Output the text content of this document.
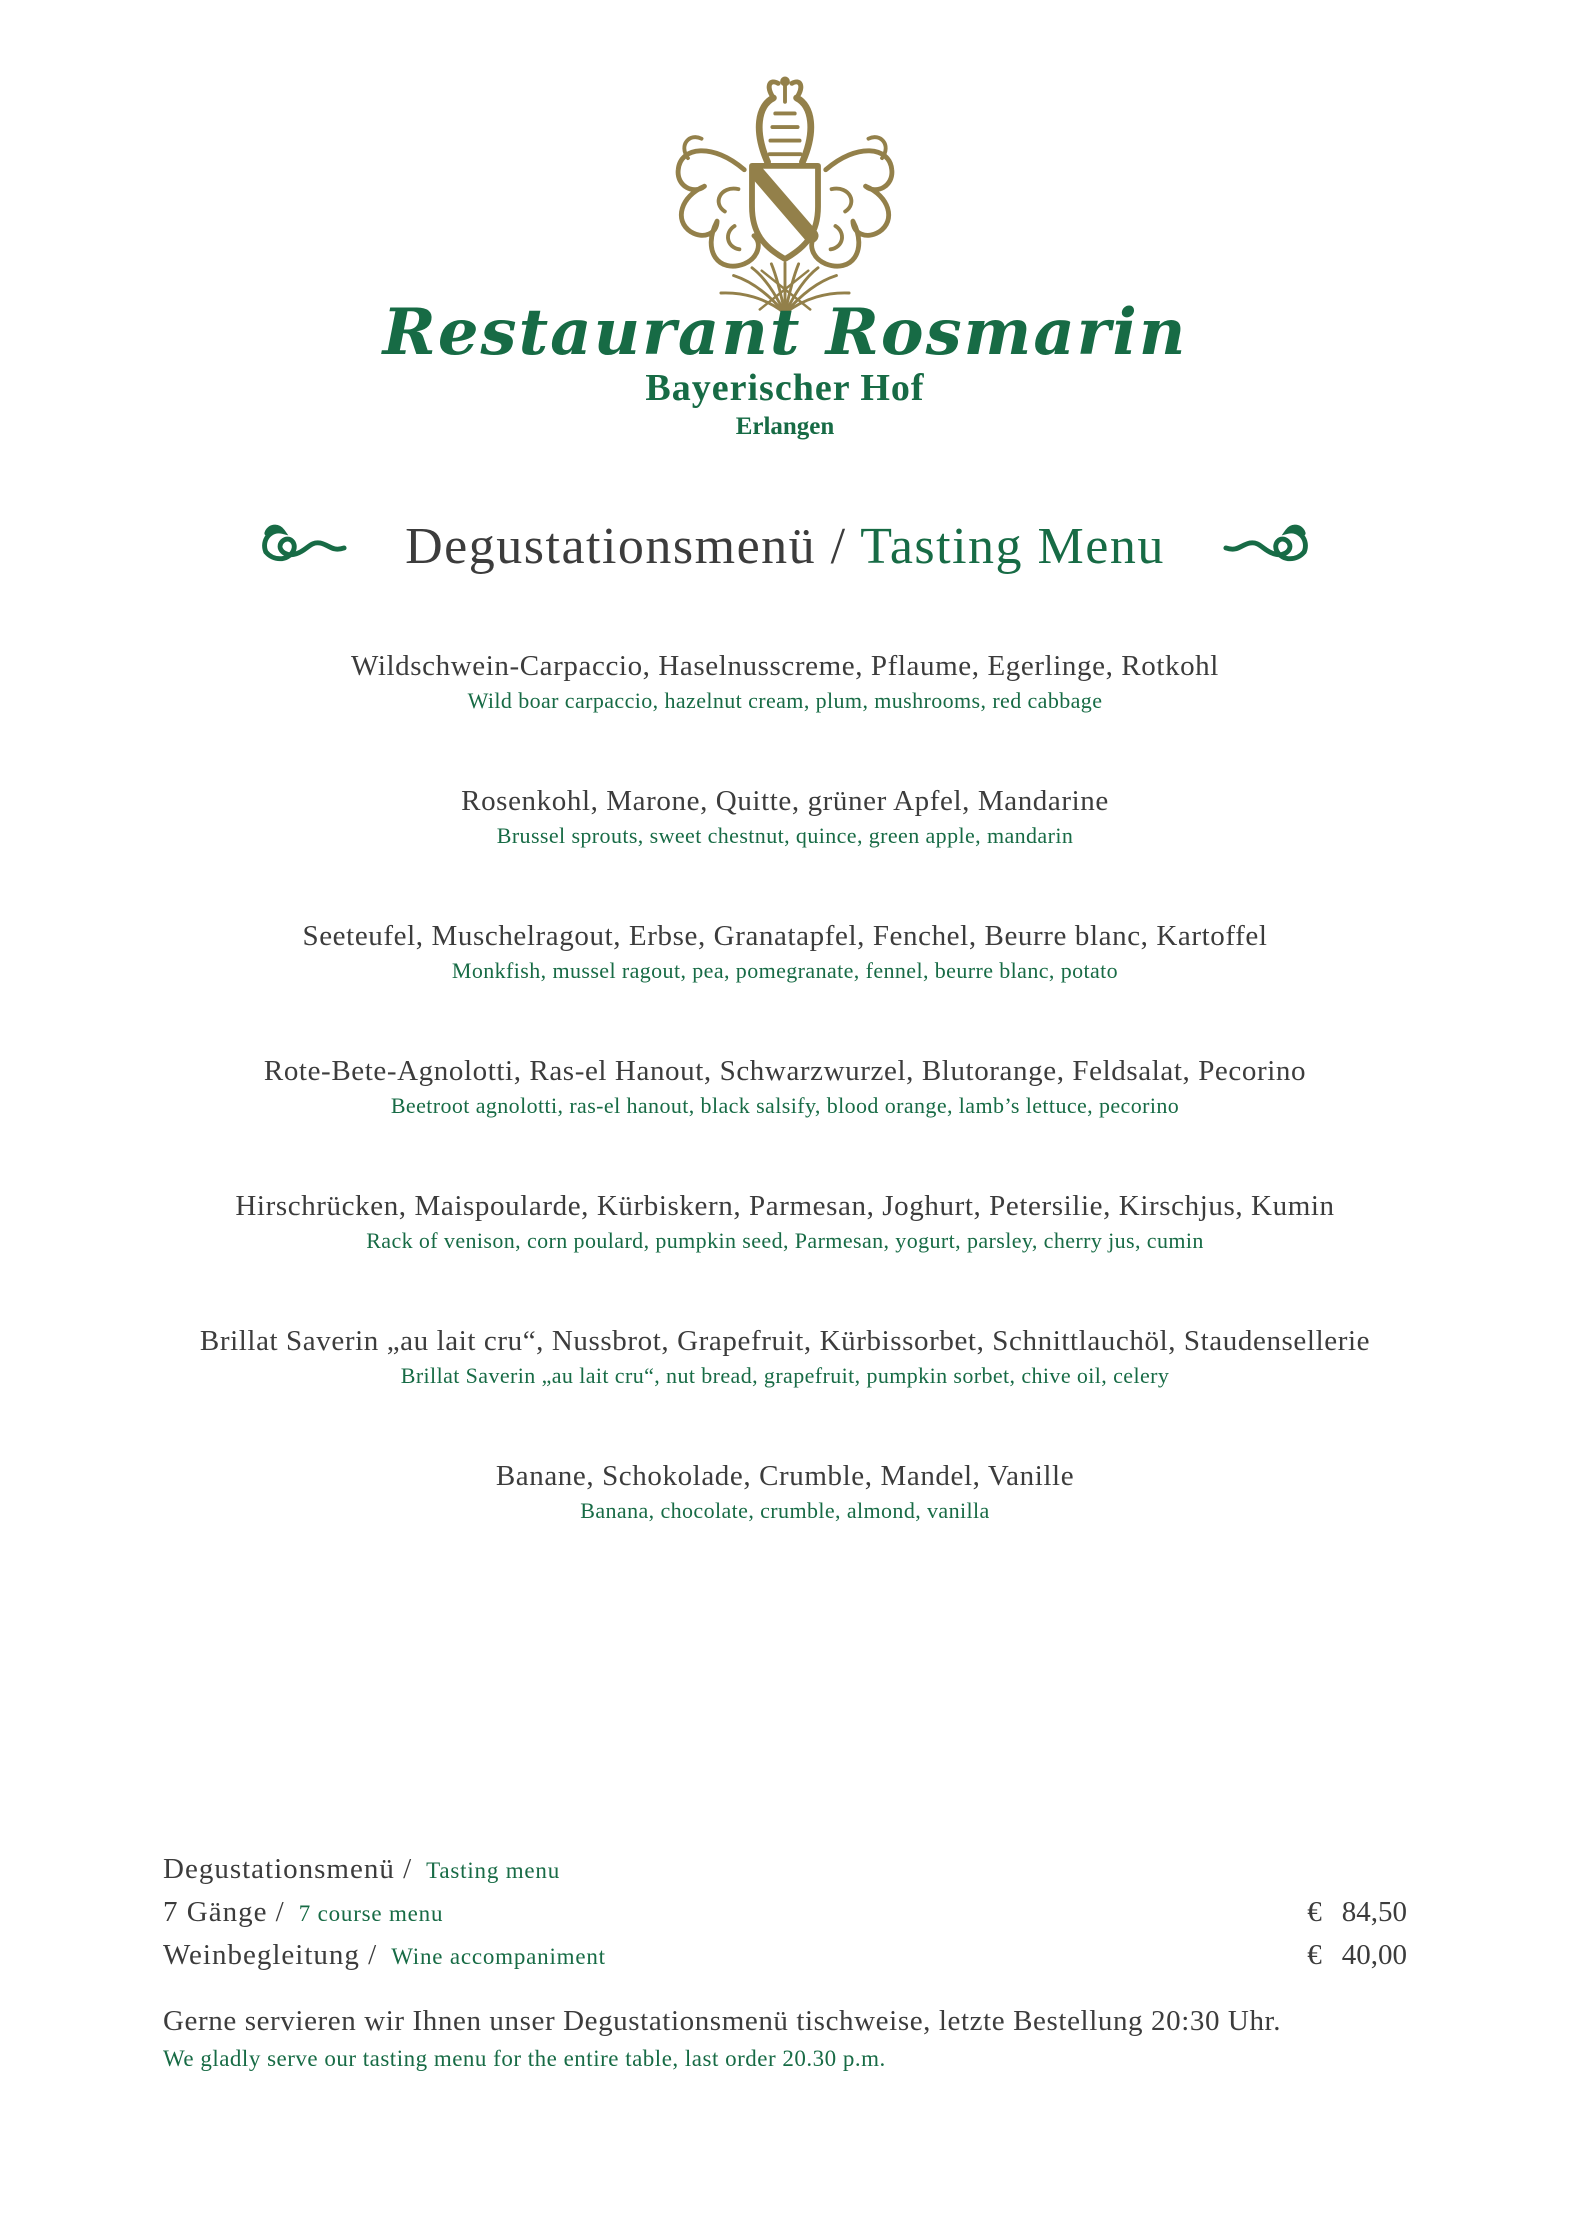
Restaurant Rosmarin
Bayerischer Hof
Erlangen
Degustationsmenü / Tasting Menu
Wildschwein-Carpaccio, Haselnusscreme, Pflaume, Egerlinge, Rotkohl
Wild boar carpaccio, hazelnut cream, plum, mushrooms, red cabbage
Rosenkohl, Marone, Quitte, grüner Apfel, Mandarine
Brussel sprouts, sweet chestnut, quince, green apple, mandarin
Seeteufel, Muschelragout, Erbse, Granatapfel, Fenchel, Beurre blanc, Kartoffel
Monkfish, mussel ragout, pea, pomegranate, fennel, beurre blanc, potato
Rote-Bete-Agnolotti, Ras-el Hanout, Schwarzwurzel, Blutorange, Feldsalat, Pecorino
Beetroot agnolotti, ras-el hanout, black salsify, blood orange, lamb’s lettuce, pecorino
Hirschrücken, Maispoularde, Kürbiskern, Parmesan, Joghurt, Petersilie, Kirschjus, Kumin
Rack of venison, corn poulard, pumpkin seed, Parmesan, yogurt, parsley, cherry jus, cumin
Brillat Saverin „au lait cru“, Nussbrot, Grapefruit, Kürbissorbet, Schnittlauchöl, Staudensellerie
Brillat Saverin „au lait cru“, nut bread, grapefruit, pumpkin sorbet, chive oil, celery
Banane, Schokolade, Crumble, Mandel, Vanille
Banana, chocolate, crumble, almond, vanilla
Degustationsmenü / Tasting menu
7 Gänge / 7 course menu	€ 84,50
Weinbegleitung / Wine accompaniment	€ 40,00
Gerne servieren wir Ihnen unser Degustationsmenü tischweise, letzte Bestellung 20:30 Uhr.
We gladly serve our tasting menu for the entire table, last order 20.30 p.m.
